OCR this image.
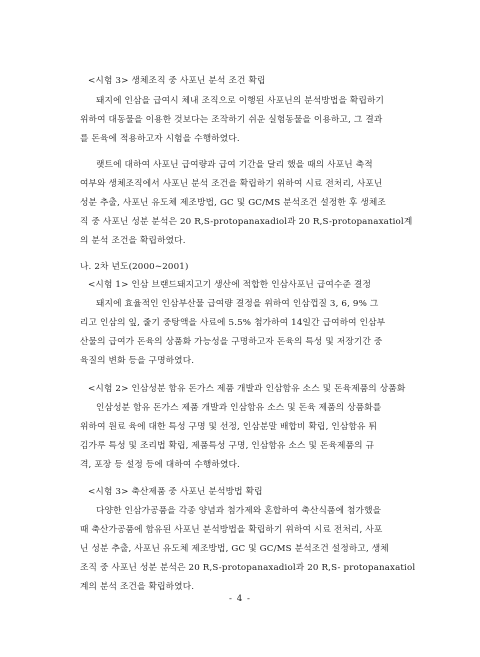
<시험 3> 생체조직 중 사포닌 분석 조건 확립

돼지에 인삼을 급여시 체내 조직으로 이행된 사포닌의 분석방법을 확립하기

위하여 대동물을 이용한 것보다는 조작하기 쉬운 실험동물을 이용하고, 그 결과

를 돈육에 적용하고자 시험을 수행하였다.

랫트에 대하여 사포닌 급여량과 급여 기간을 달리 했을 때의 사포닌 축적

여부와 생체조직에서 사포닌 분석 조건을 확립하기 위하여 시료 전처리, 사포닌

성분 추출, 사포닌 유도체 제조방법, GC 및 GC/MS 분석조건 설정한 후 생체조

직 중 사포닌 성분 분석은 20 R,S-protopanaxadiol과 20 R,S-protopanaxatiol계

의 분석 조건을 확립하였다.

나. 2차 년도(2000∼2001)

<시험 1> 인삼 브랜드돼지고기 생산에 적합한 인삼사포닌 급여수준 결정

돼지에 효율적인 인삼부산물 급여량 결정을 위하여 인삼껍질 3, 6, 9% 그

리고 인삼의 잎, 줄기 중탕액을 사료에 5.5% 첨가하여 14일간 급여하여 인삼부

산물의 급여가 돈육의 상품화 가능성을 구명하고자 돈육의 특성 및 저장기간 중

육질의 변화 등을 구명하였다.

<시험 2> 인삼성분 함유 돈가스 제품 개발과 인삼함유 소스 및 돈육제품의 상품화

인삼성분 함유 돈가스 제품 개발과 인삼함유 소스 및 돈육 제품의 상품화를

위하여 원료 육에 대한 특성 구명 및 선정, 인삼분말 배합비 확립, 인삼함유 튀

김가루 특성 및 조리법 확립, 제품특성 구명, 인삼함유 소스 및 돈육제품의 규

격, 포장 등 설정 등에 대하여 수행하였다.

<시험 3> 축산제품 중 사포닌 분석방법 확립

다양한 인삼가공품을 각종 양념과 첨가제와 혼합하여 축산식품에 첨가했을

때 축산가공품에 함유된 사포닌 분석방법을 확립하기 위하여 시료 전처리, 사포

닌 성분 추출, 사포닌 유도체 제조방법, GC 및 GC/MS 분석조건 설정하고, 생체

조직 중 사포닌 성분 분석은 20 R,S-protopanaxadiol과 20 R,S- protopanaxatiol

계의 분석 조건을 확립하였다.

- 4 -
